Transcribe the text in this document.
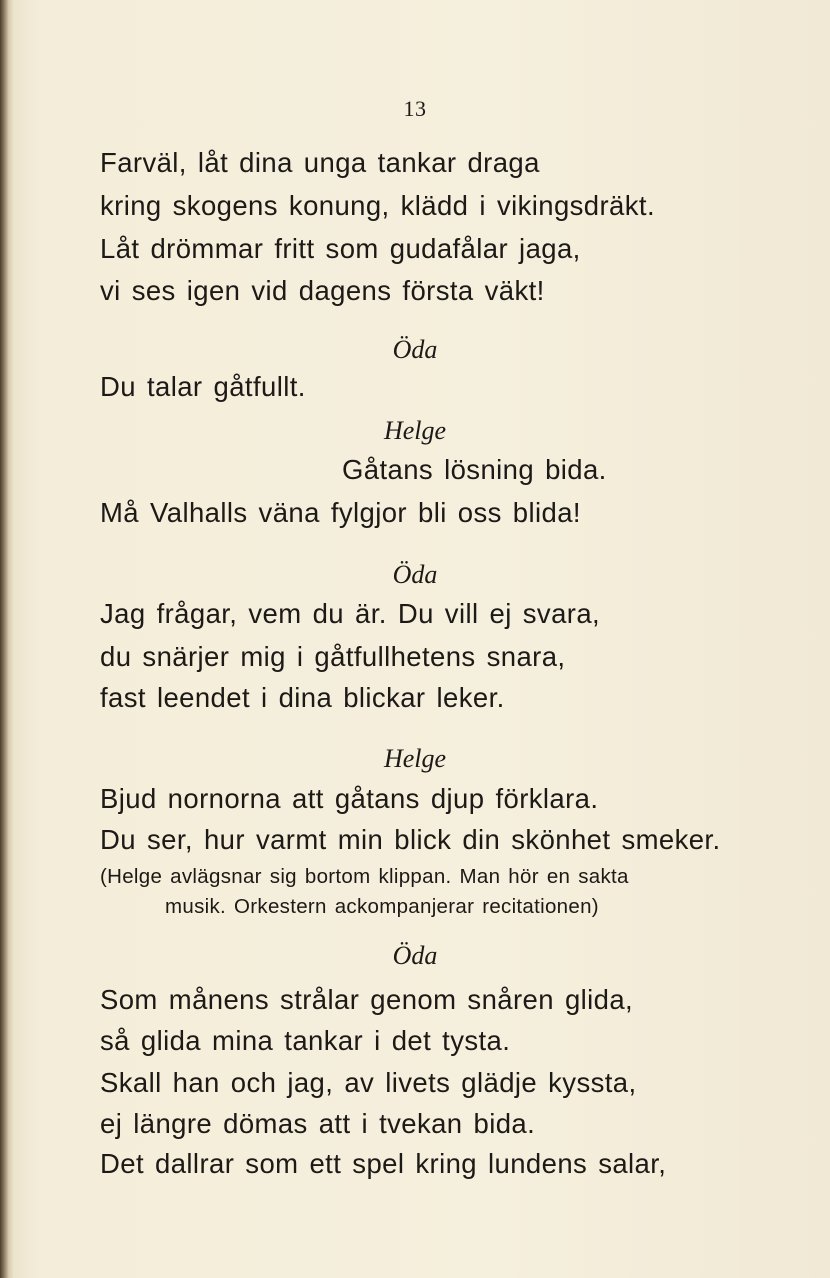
13
Farväl, låt dina unga tankar draga
kring skogens konung, klädd i vikingsdräkt.
Låt drömmar fritt som gudafålar jaga,
vi ses igen vid dagens första väkt!
Öda
Du talar gåtfullt.
Helge
Gåtans lösning bida.
Må Valhalls väna fylgjor bli oss blida!
Öda
Jag frågar, vem du är. Du vill ej svara,
du snärjer mig i gåtfullhetens snara,
fast leendet i dina blickar leker.
Helge
Bjud nornorna att gåtans djup förklara.
Du ser, hur varmt min blick din skönhet smeker.
(Helge avlägsnar sig bortom klippan. Man hör en sakta
musik. Orkestern ackompanjerar recitationen)
Öda
Som månens strålar genom snåren glida,
så glida mina tankar i det tysta.
Skall han och jag, av livets glädje kyssta,
ej längre dömas att i tvekan bida.
Det dallrar som ett spel kring lundens salar,
